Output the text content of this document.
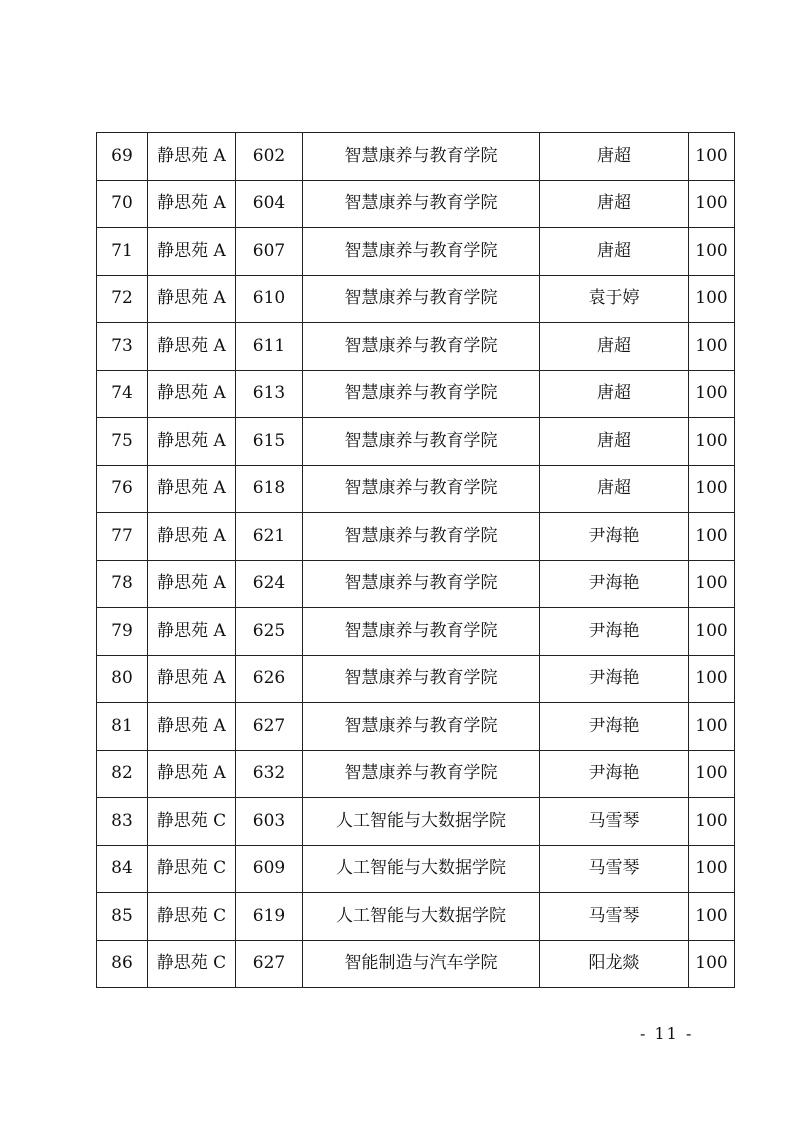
69	静思苑 A	602	智慧康养与教育学院	唐超	100
70	静思苑 A	604	智慧康养与教育学院	唐超	100
71	静思苑 A	607	智慧康养与教育学院	唐超	100
72	静思苑 A	610	智慧康养与教育学院	袁于婷	100
73	静思苑 A	611	智慧康养与教育学院	唐超	100
74	静思苑 A	613	智慧康养与教育学院	唐超	100
75	静思苑 A	615	智慧康养与教育学院	唐超	100
76	静思苑 A	618	智慧康养与教育学院	唐超	100
77	静思苑 A	621	智慧康养与教育学院	尹海艳	100
78	静思苑 A	624	智慧康养与教育学院	尹海艳	100
79	静思苑 A	625	智慧康养与教育学院	尹海艳	100
80	静思苑 A	626	智慧康养与教育学院	尹海艳	100
81	静思苑 A	627	智慧康养与教育学院	尹海艳	100
82	静思苑 A	632	智慧康养与教育学院	尹海艳	100
83	静思苑 C	603	人工智能与大数据学院	马雪琴	100
84	静思苑 C	609	人工智能与大数据学院	马雪琴	100
85	静思苑 C	619	人工智能与大数据学院	马雪琴	100
86	静思苑 C	627	智能制造与汽车学院	阳龙燚	100
- 11 -
